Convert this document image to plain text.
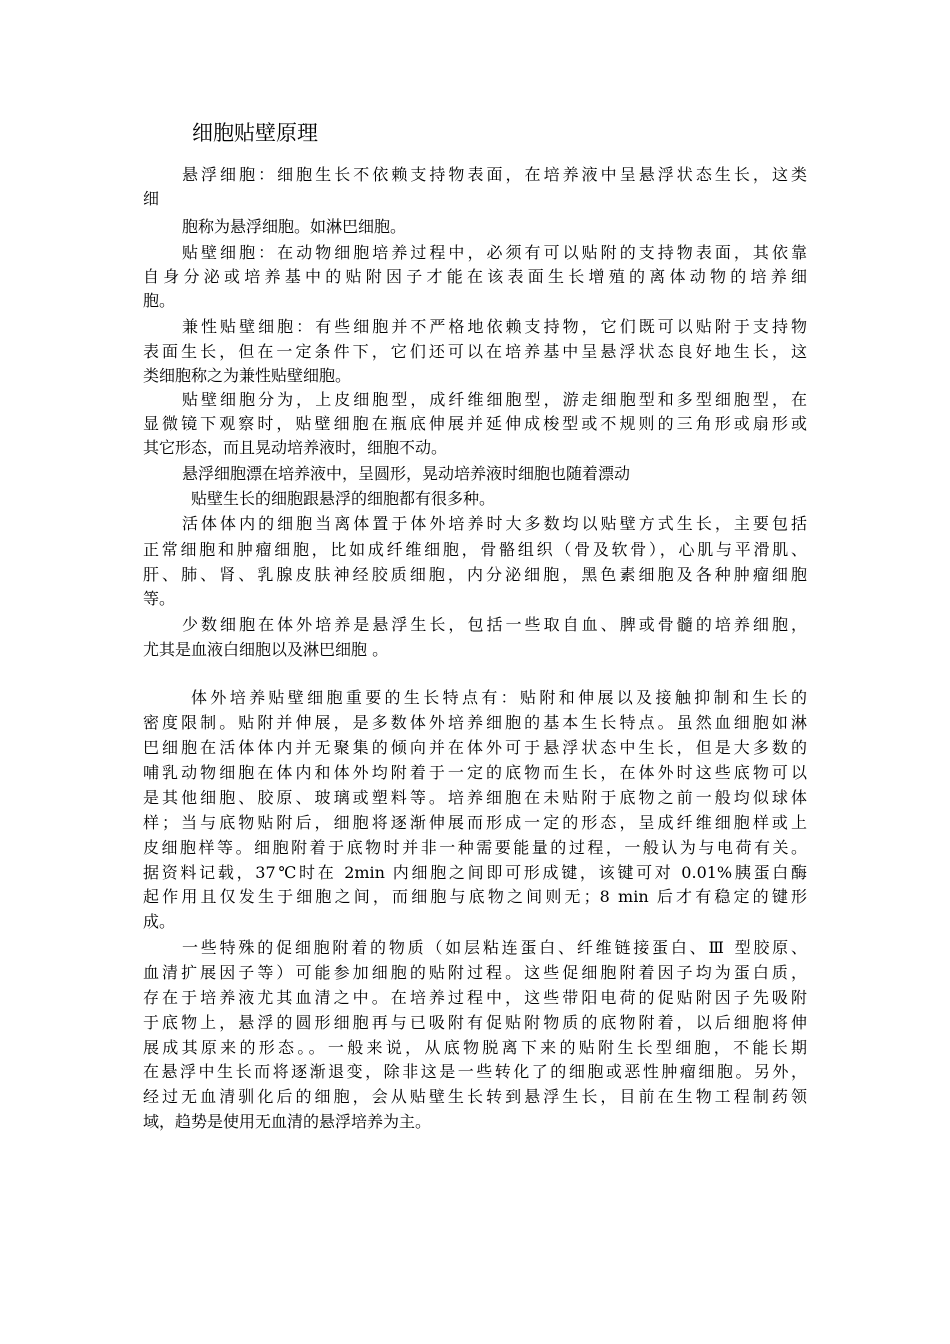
细胞贴壁原理

悬浮细胞：细胞生长不依赖支持物表面，在培养液中呈悬浮状态生长，这类

细

胞称为悬浮细胞。如淋巴细胞。

贴壁细胞：在动物细胞培养过程中，必须有可以贴附的支持物表面，其依靠

自身分泌或培养基中的贴附因子才能在该表面生长增殖的离体动物的培养细

胞。

兼性贴壁细胞：有些细胞并不严格地依赖支持物，它们既可以贴附于支持物

表面生长，但在一定条件下，它们还可以在培养基中呈悬浮状态良好地生长，这

类细胞称之为兼性贴壁细胞。

贴壁细胞分为，上皮细胞型，成纤维细胞型，游走细胞型和多型细胞型，在

显微镜下观察时，贴壁细胞在瓶底伸展并延伸成梭型或不规则的三角形或扇形或

其它形态，而且晃动培养液时，细胞不动。

悬浮细胞漂在培养液中，呈圆形，晃动培养液时细胞也随着漂动

贴壁生长的细胞跟悬浮的细胞都有很多种。

活体体内的细胞当离体置于体外培养时大多数均以贴壁方式生长，主要包括

正常细胞和肿瘤细胞，比如成纤维细胞，骨骼组织（骨及软骨），心肌与平滑肌、

肝、肺、肾、乳腺皮肤神经胶质细胞，内分泌细胞，黑色素细胞及各种肿瘤细胞

等。

少数细胞在体外培养是悬浮生长，包括一些取自血、脾或骨髓的培养细胞，

尤其是血液白细胞以及淋巴细胞 。

体外培养贴壁细胞重要的生长特点有：贴附和伸展以及接触抑制和生长的

密度限制。贴附并伸展，是多数体外培养细胞的基本生长特点。虽然血细胞如淋

巴细胞在活体体内并无聚集的倾向并在体外可于悬浮状态中生长，但是大多数的

哺乳动物细胞在体内和体外均附着于一定的底物而生长，在体外时这些底物可以

是其他细胞、胶原、玻璃或塑料等。培养细胞在未贴附于底物之前一般均似球体

样；当与底物贴附后，细胞将逐渐伸展而形成一定的形态，呈成纤维细胞样或上

皮细胞样等。细胞附着于底物时并非一种需要能量的过程，一般认为与电荷有关。

据资料记载，37℃时在 2min 内细胞之间即可形成键，该键可对 0.01%胰蛋白酶

起作用且仅发生于细胞之间，而细胞与底物之间则无；8 min 后才有稳定的键形

成。

一些特殊的促细胞附着的物质（如层粘连蛋白、纤维链接蛋白、Ⅲ 型胶原、

血清扩展因子等）可能参加细胞的贴附过程。这些促细胞附着因子均为蛋白质，

存在于培养液尤其血清之中。在培养过程中，这些带阳电荷的促贴附因子先吸附

于底物上，悬浮的圆形细胞再与已吸附有促贴附物质的底物附着，以后细胞将伸

展成其原来的形态。。一般来说，从底物脱离下来的贴附生长型细胞，不能长期

在悬浮中生长而将逐渐退变，除非这是一些转化了的细胞或恶性肿瘤细胞。另外，

经过无血清驯化后的细胞，会从贴壁生长转到悬浮生长，目前在生物工程制药领

域，趋势是使用无血清的悬浮培养为主。
